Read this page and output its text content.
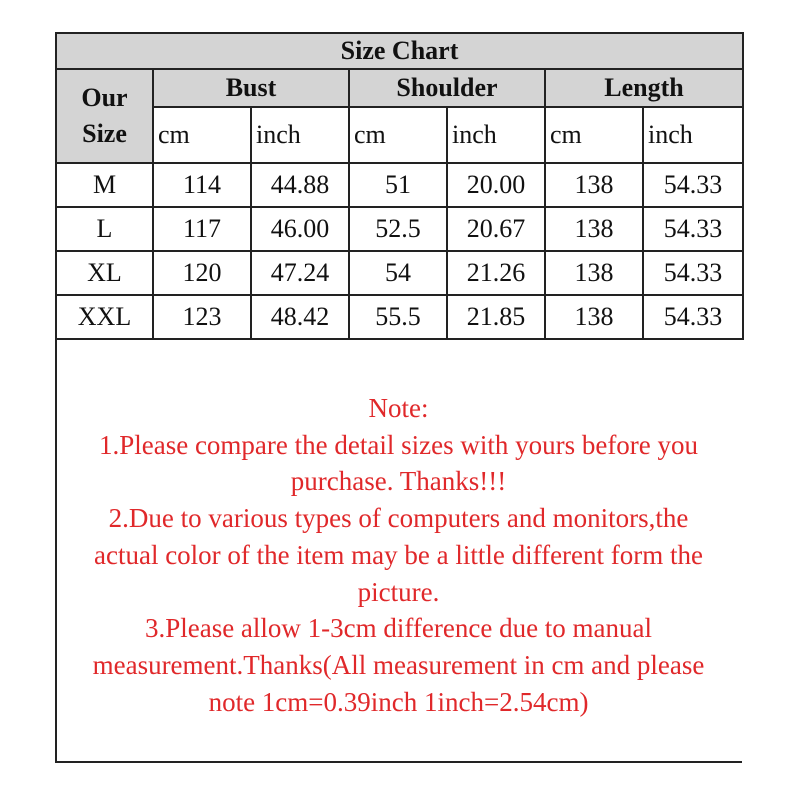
Size Chart						
Our
Size	Bust		Shoulder		Length	
	cm	inch	cm	inch	cm	inch
M	114	44.88	51	20.00	138	54.33
L	117	46.00	52.5	20.67	138	54.33
XL	120	47.24	54	21.26	138	54.33
XXL	123	48.42	55.5	21.85	138	54.33
Note:
1.Please compare the detail sizes with yours before you
purchase. Thanks!!!
2.Due to various types of computers and monitors,the
actual color of the item may be a little different form the
picture.
3.Please allow 1-3cm difference due to manual
measurement.Thanks(All measurement in cm and please
note 1cm=0.39inch 1inch=2.54cm)
